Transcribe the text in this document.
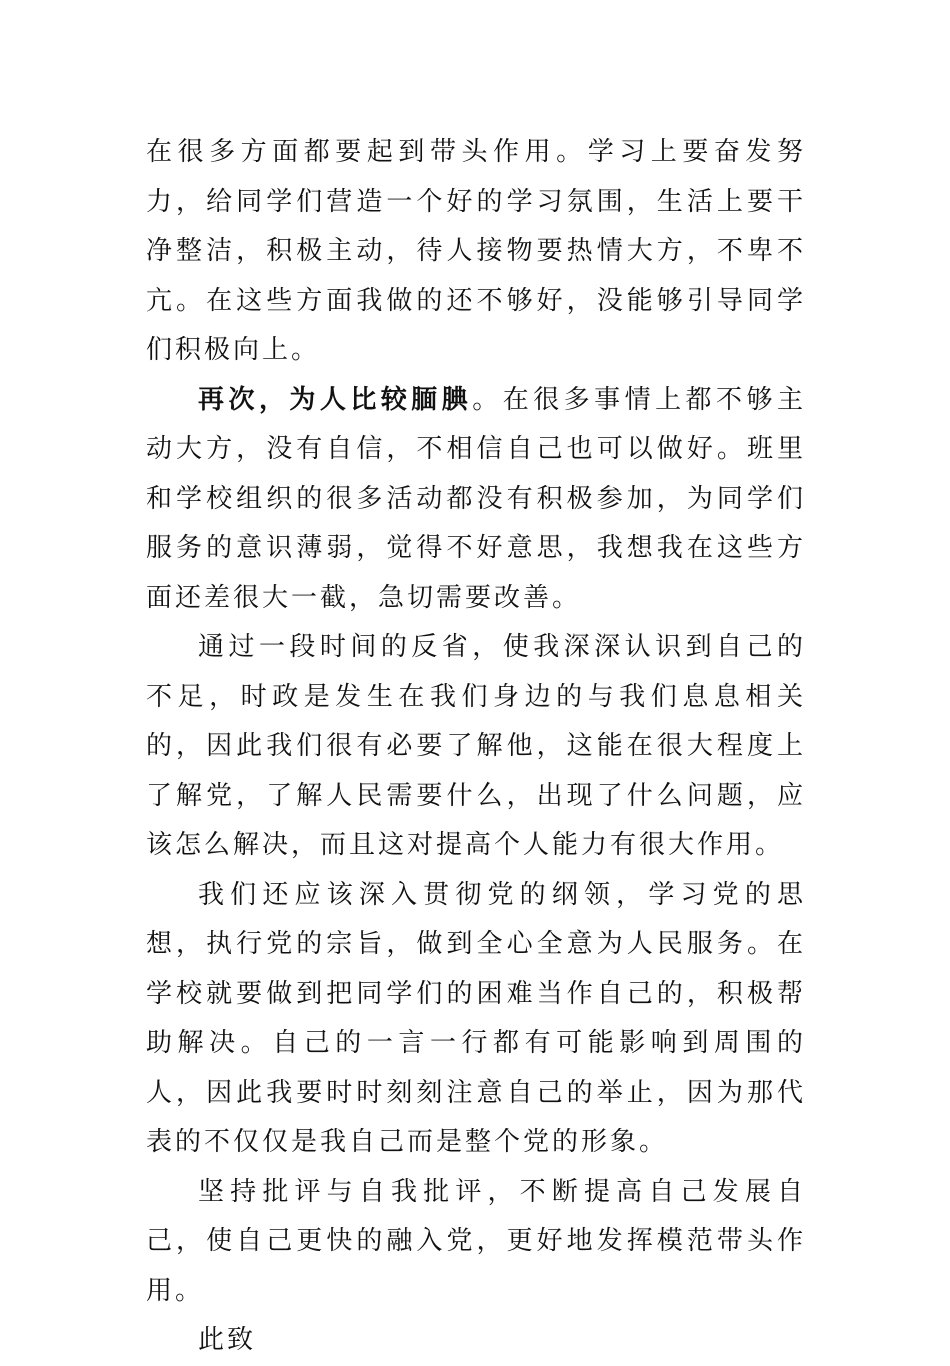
在很多方面都要起到带头作用。学习上要奋发努力，给同学们营造一个好的学习氛围，生活上要干净整洁，积极主动，待人接物要热情大方，不卑不亢。在这些方面我做的还不够好，没能够引导同学们积极向上。

再次，为人比较腼腆。在很多事情上都不够主动大方，没有自信，不相信自己也可以做好。班里和学校组织的很多活动都没有积极参加，为同学们服务的意识薄弱，觉得不好意思，我想我在这些方面还差很大一截，急切需要改善。

通过一段时间的反省，使我深深认识到自己的不足，时政是发生在我们身边的与我们息息相关的，因此我们很有必要了解他，这能在很大程度上了解党，了解人民需要什么，出现了什么问题，应该怎么解决，而且这对提高个人能力有很大作用。

我们还应该深入贯彻党的纲领，学习党的思想，执行党的宗旨，做到全心全意为人民服务。在学校就要做到把同学们的困难当作自己的，积极帮助解决。自己的一言一行都有可能影响到周围的人，因此我要时时刻刻注意自己的举止，因为那代表的不仅仅是我自己而是整个党的形象。

坚持批评与自我批评，不断提高自己发展自己，使自己更快的融入党，更好地发挥模范带头作用。

此致
